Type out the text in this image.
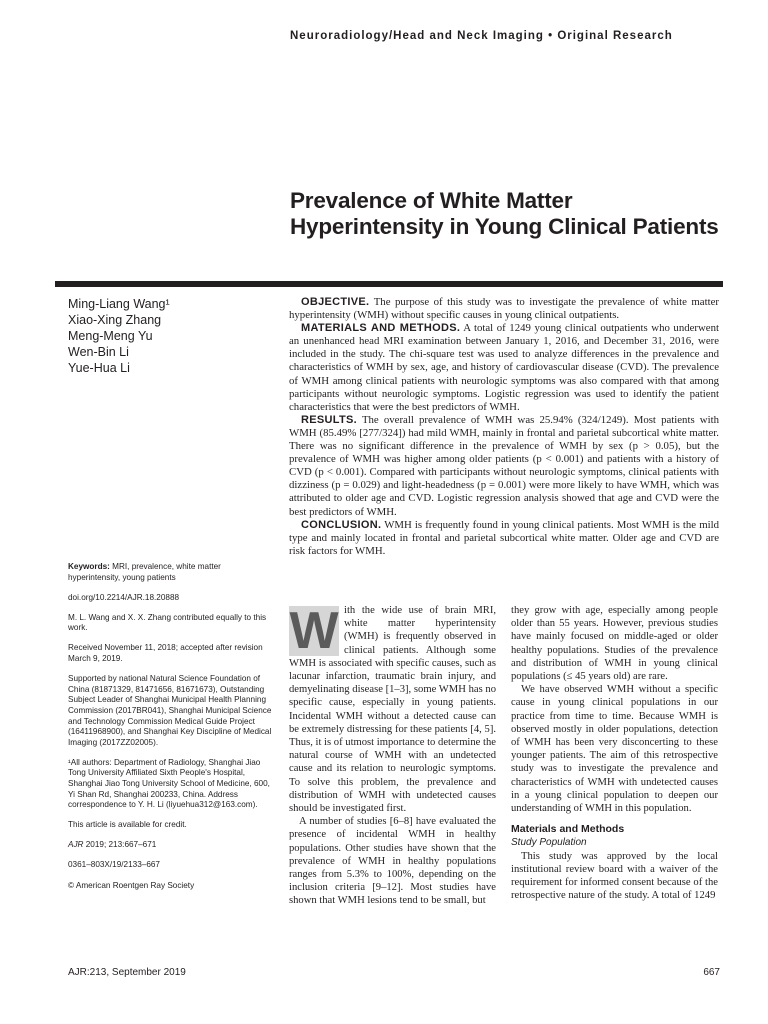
Neuroradiology/Head and Neck Imaging • Original Research
Prevalence of White Matter Hyperintensity in Young Clinical Patients
Ming-Liang Wang¹
Xiao-Xing Zhang
Meng-Meng Yu
Wen-Bin Li
Yue-Hua Li

OBJECTIVE. The purpose of this study was to investigate the prevalence of white matter hyperintensity (WMH) without specific causes in young clinical outpatients.

MATERIALS AND METHODS. A total of 1249 young clinical outpatients who underwent an unenhanced head MRI examination between January 1, 2016, and December 31, 2016, were included in the study. The chi-square test was used to analyze differences in the prevalence and characteristics of WMH by sex, age, and history of cardiovascular disease (CVD). The prevalence of WMH among clinical patients with neurologic symptoms was also compared with that among participants without neurologic symptoms. Logistic regression was used to identify the patient characteristics that were the best predictors of WMH.

RESULTS. The overall prevalence of WMH was 25.94% (324/1249). Most patients with WMH (85.49% [277/324]) had mild WMH, mainly in frontal and parietal subcortical white matter. There was no significant difference in the prevalence of WMH by sex (p > 0.05), but the prevalence of WMH was higher among older patients (p < 0.001) and patients with a history of CVD (p < 0.001). Compared with participants without neurologic symptoms, clinical patients with dizziness (p = 0.029) and light-headedness (p = 0.001) were more likely to have WMH, which was attributed to older age and CVD. Logistic regression analysis showed that age and CVD were the best predictors of WMH.

CONCLUSION. WMH is frequently found in young clinical patients. Most WMH is the mild type and mainly located in frontal and parietal subcortical white matter. Older age and CVD are risk factors for WMH.

Keywords: MRI, prevalence, white matter hyperintensity, young patients

doi.org/10.2214/AJR.18.20888

M. L. Wang and X. X. Zhang contributed equally to this work.

Received November 11, 2018; accepted after revision March 9, 2019.

Supported by national Natural Science Foundation of China (81871329, 81471656, 81671673), Outstanding Subject Leader of Shanghai Municipal Health Planning Commission (2017BR041), Shanghai Municipal Science and Technology Commission Medical Guide Project (16411968900), and Shanghai Key Discipline of Medical Imaging (2017ZZ02005).

¹All authors: Department of Radiology, Shanghai Jiao Tong University Affiliated Sixth People's Hospital, Shanghai Jiao Tong University School of Medicine, 600, Yi Shan Rd, Shanghai 200233, China. Address correspondence to Y. H. Li (liyuehua312@163.com).

This article is available for credit.

AJR 2019; 213:667–671

0361–803X/19/2133–667

© American Roentgen Ray Society

W ith the wide use of brain MRI, white matter hyperintensity (WMH) is frequently observed in clinical patients. Although some WMH is associated with specific causes, such as lacunar infarction, traumatic brain injury, and demyelinating disease [1–3], some WMH has no specific cause, especially in young patients. Incidental WMH without a detected cause can be extremely distressing for these patients [4, 5]. Thus, it is of utmost importance to determine the natural course of WMH with an undetected cause and its relation to neurologic symptoms. To solve this problem, the prevalence and distribution of WMH with undetected causes should be investigated first.

A number of studies [6–8] have evaluated the presence of incidental WMH in healthy populations. Other studies have shown that the prevalence of WMH in healthy populations ranges from 5.3% to 100%, depending on the inclusion criteria [9–12]. Most studies have shown that WMH lesions tend to be small, but

they grow with age, especially among people older than 55 years. However, previous studies have mainly focused on middle-aged or older healthy populations. Studies of the prevalence and distribution of WMH in young clinical populations (≤ 45 years old) are rare.

We have observed WMH without a specific cause in young clinical populations in our practice from time to time. Because WMH is observed mostly in older populations, detection of WMH has been very disconcerting to these younger patients. The aim of this retrospective study was to investigate the prevalence and characteristics of WMH with undetected causes in a young clinical population to deepen our understanding of WMH in this population.

Materials and Methods

Study Population

This study was approved by the local institutional review board with a waiver of the requirement for informed consent because of the retrospective nature of the study. A total of 1249

AJR:213, September 2019	667
